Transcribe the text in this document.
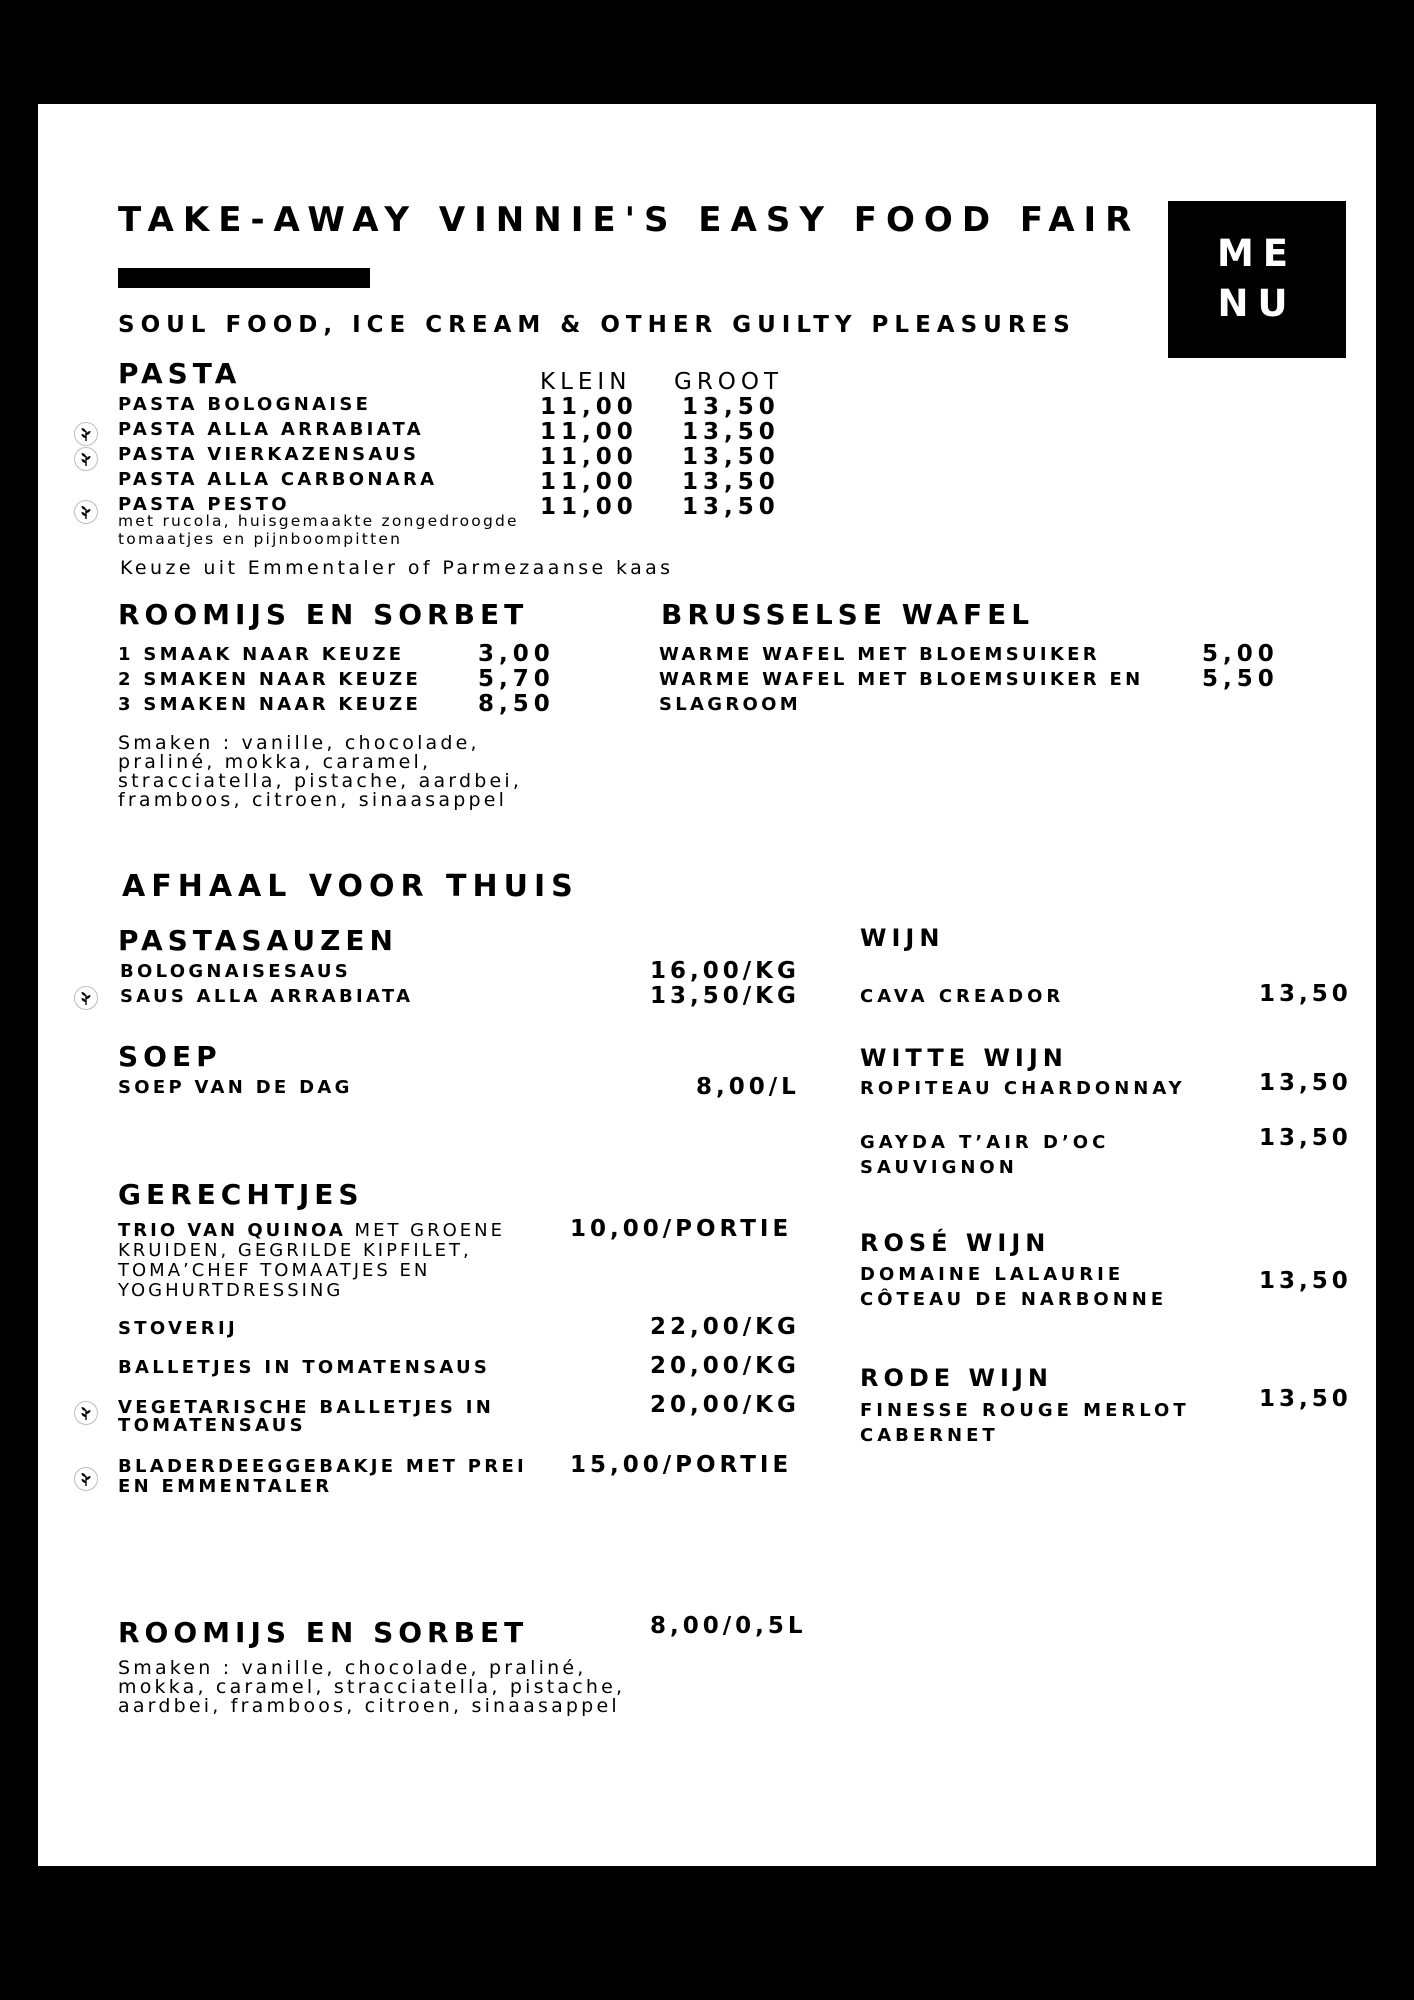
TAKE-AWAY VINNIE'S EASY FOOD FAIR
SOUL FOOD, ICE CREAM & OTHER GUILTY PLEASURES
ME
NU
PASTA	KLEIN GROOT
PASTA BOLOGNAISE	11,00 13,50
PASTA ALLA ARRABIATA	11,00 13,50
PASTA VIERKAZENSAUS	11,00 13,50
PASTA ALLA CARBONARA	11,00 13,50
PASTA PESTO	11,00 13,50
met rucola, huisgemaakte zongedroogde
tomaatjes en pijnboompitten
Keuze uit Emmentaler of Parmezaanse kaas
ROOMIJS EN SORBET
1 SMAAK NAAR KEUZE	3,00
2 SMAKEN NAAR KEUZE 5,70
3 SMAKEN NAAR KEUZE 8,50
Smaken : vanille, chocolade,
praliné, mokka, caramel,
stracciatella, pistache, aardbei,
framboos, citroen, sinaasappel
BRUSSELSE WAFEL
WARME WAFEL MET BLOEMSUIKER	5,00
WARME WAFEL MET BLOEMSUIKER EN
SLAGROOM
5,50
AFHAAL VOOR THUIS
PASTASAUZEN
BOLOGNAISESAUS	16,00/KG
SAUS ALLA ARRABIATA	13,50/KG
SOEP
SOEP VAN DE DAG	8,00/L
GERECHTJES
TRIO VAN QUINOA MET GROENE
KRUIDEN, GEGRILDE KIPFILET,
TOMA’CHEF TOMAATJES EN
YOGHURTDRESSING
10,00/PORTIE
STOVERIJ	22,00/KG
BALLETJES IN TOMATENSAUS	20,00/KG
VEGETARISCHE BALLETJES IN
TOMATENSAUS
20,00/KG
BLADERDEEGGEBAKJE MET PREI
EN EMMENTALER
15,00/PORTIE
ROOMIJS EN SORBET	8,00/0,5L
Smaken : vanille, chocolade, praliné,
mokka, caramel, stracciatella, pistache,
aardbei, framboos, citroen, sinaasappel
WIJN
CAVA CREADOR	13,50
WITTE WIJN
ROPITEAU CHARDONNAY	13,50
GAYDA T’AIR D’OC
SAUVIGNON
13,50
ROSÉ WIJN
DOMAINE LALAURIE
CÔTEAU DE NARBONNE
13,50
RODE WIJN
FINESSE ROUGE MERLOT
CABERNET
13,50
